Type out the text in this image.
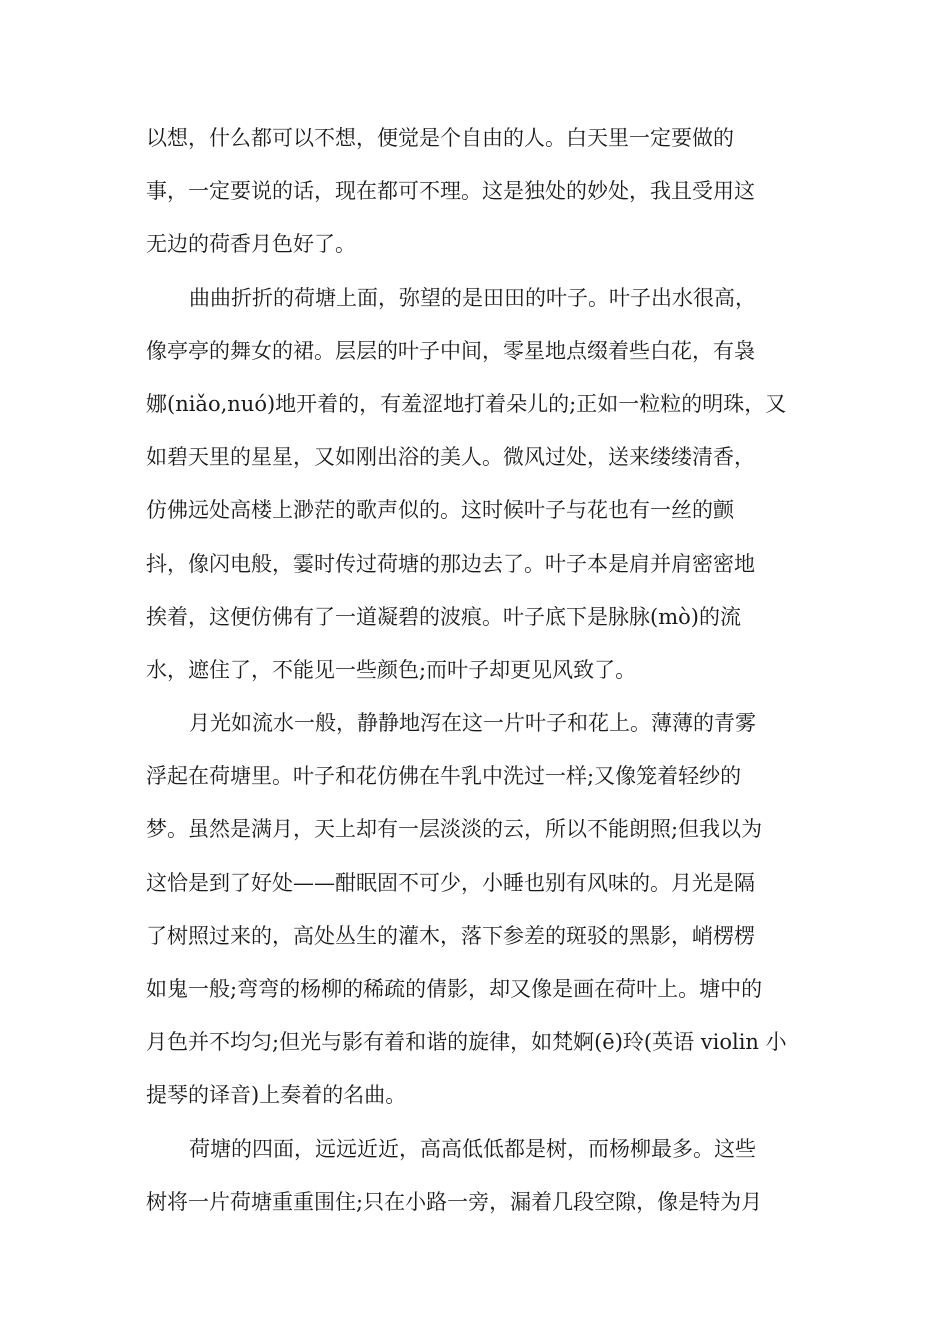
以想，什么都可以不想，便觉是个自由的人。白天里一定要做的
事，一定要说的话，现在都可不理。这是独处的妙处，我且受用这
无边的荷香月色好了。

曲曲折折的荷塘上面，弥望的是田田的叶子。叶子出水很高，
像亭亭的舞女的裙。层层的叶子中间，零星地点缀着些白花，有袅
娜(niǎo,nuó)地开着的，有羞涩地打着朵儿的;正如一粒粒的明珠，又
如碧天里的星星，又如刚出浴的美人。微风过处，送来缕缕清香，
仿佛远处高楼上渺茫的歌声似的。这时候叶子与花也有一丝的颤
抖，像闪电般，霎时传过荷塘的那边去了。叶子本是肩并肩密密地
挨着，这便仿佛有了一道凝碧的波痕。叶子底下是脉脉(mò)的流
水，遮住了，不能见一些颜色;而叶子却更见风致了。

月光如流水一般，静静地泻在这一片叶子和花上。薄薄的青雾
浮起在荷塘里。叶子和花仿佛在牛乳中洗过一样;又像笼着轻纱的
梦。虽然是满月，天上却有一层淡淡的云，所以不能朗照;但我以为
这恰是到了好处——酣眠固不可少，小睡也别有风味的。月光是隔
了树照过来的，高处丛生的灌木，落下参差的斑驳的黑影，峭楞楞
如鬼一般;弯弯的杨柳的稀疏的倩影，却又像是画在荷叶上。塘中的
月色并不均匀;但光与影有着和谐的旋律，如梵婀(ē)玲(英语 violin 小
提琴的译音)上奏着的名曲。

荷塘的四面，远远近近，高高低低都是树，而杨柳最多。这些
树将一片荷塘重重围住;只在小路一旁，漏着几段空隙，像是特为月
